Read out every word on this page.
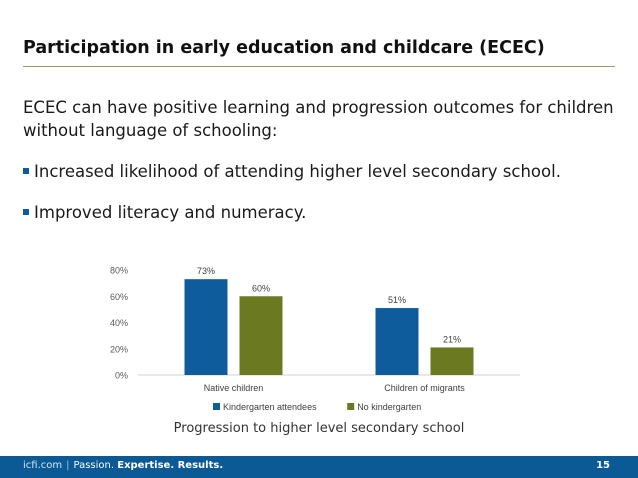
Participation in early education and childcare (ECEC)
ECEC can have positive learning and progression outcomes for children without language of schooling:
Increased likelihood of attending higher level secondary school.
Improved literacy and numeracy.
0%
20%
40%
60%
80%	73%
60%
Native children
51%
21%
Children of migrants
Kindergarten attendees	No kindergarten
Progression to higher level secondary school
icfi.com | Passion. Expertise. Results.	15
